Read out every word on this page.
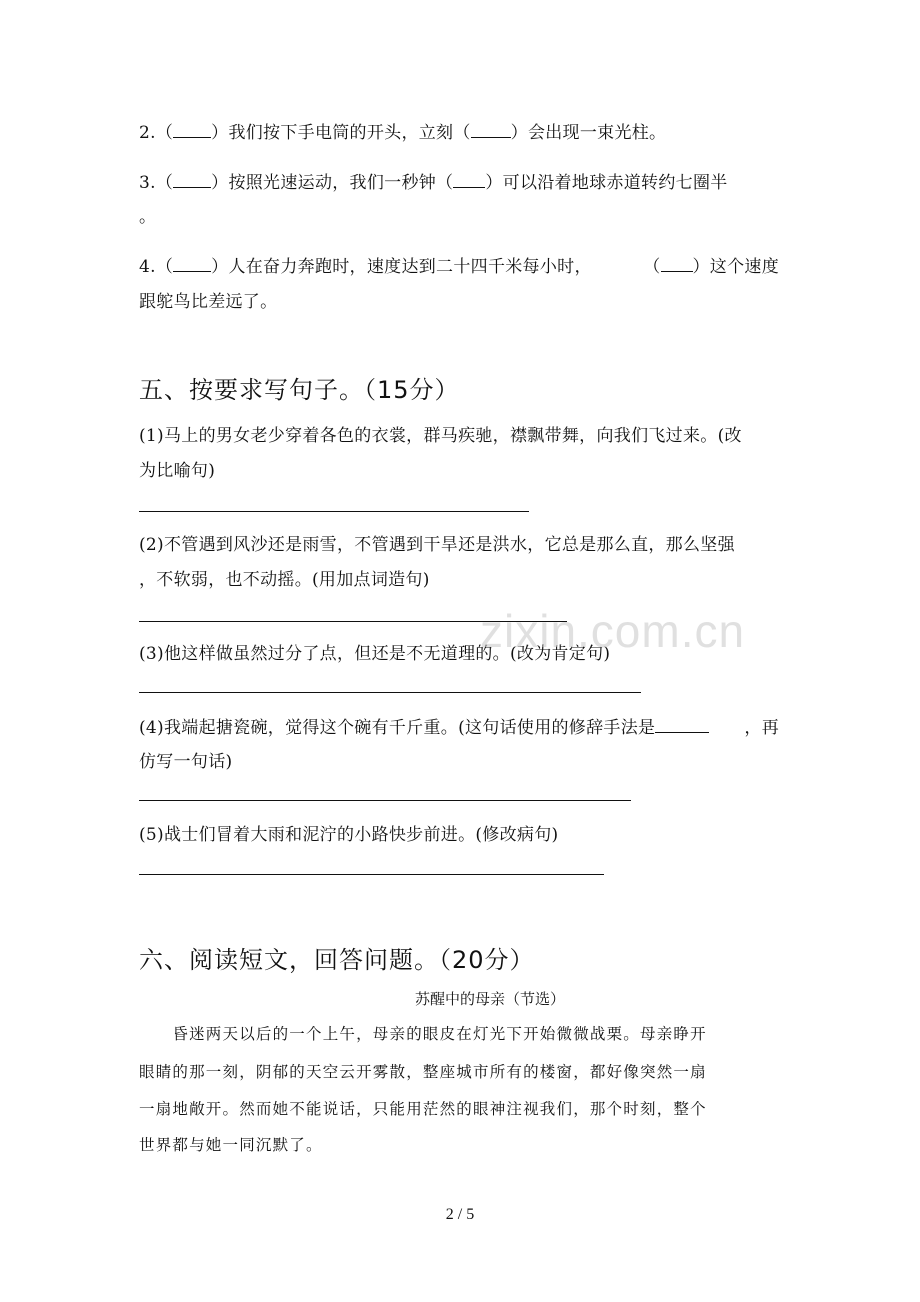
2.（ ）我们按下手电筒的开头，立刻（ ）会出现一束光柱。
3.（ ）按照光速运动，我们一秒钟（ ）可以沿着地球赤道转约七圈半
。
4.（ ）人在奋力奔跑时，速度达到二十四千米每小时，	（ ）这个速度
跟鸵鸟比差远了。
五、按要求写句子。（15分）
(1)马上的男女老少穿着各色的衣裳，群马疾驰，襟飘带舞，向我们飞过来。(改
为比喻句)
(2)不管遇到风沙还是雨雪，不管遇到干旱还是洪水，它总是那么直，那么坚强
，不软弱，也不动摇。(用加点词造句)
(3)他这样做虽然过分了点，但还是不无道理的。(改为肯定句)
(4)我端起搪瓷碗，觉得这个碗有千斤重。(这句话使用的修辞手法是	，再
仿写一句话)
(5)战士们冒着大雨和泥泞的小路快步前进。(修改病句)
六、阅读短文，回答问题。（20分）
苏醒中的母亲（节选）
　　昏迷两天以后的一个上午，母亲的眼皮在灯光下开始微微战栗。母亲睁开
眼睛的那一刻，阴郁的天空云开雾散，整座城市所有的楼窗，都好像突然一扇
一扇地敞开。然而她不能说话，只能用茫然的眼神注视我们，那个时刻，整个
世界都与她一同沉默了。
zixin.com.cn
2 / 5
